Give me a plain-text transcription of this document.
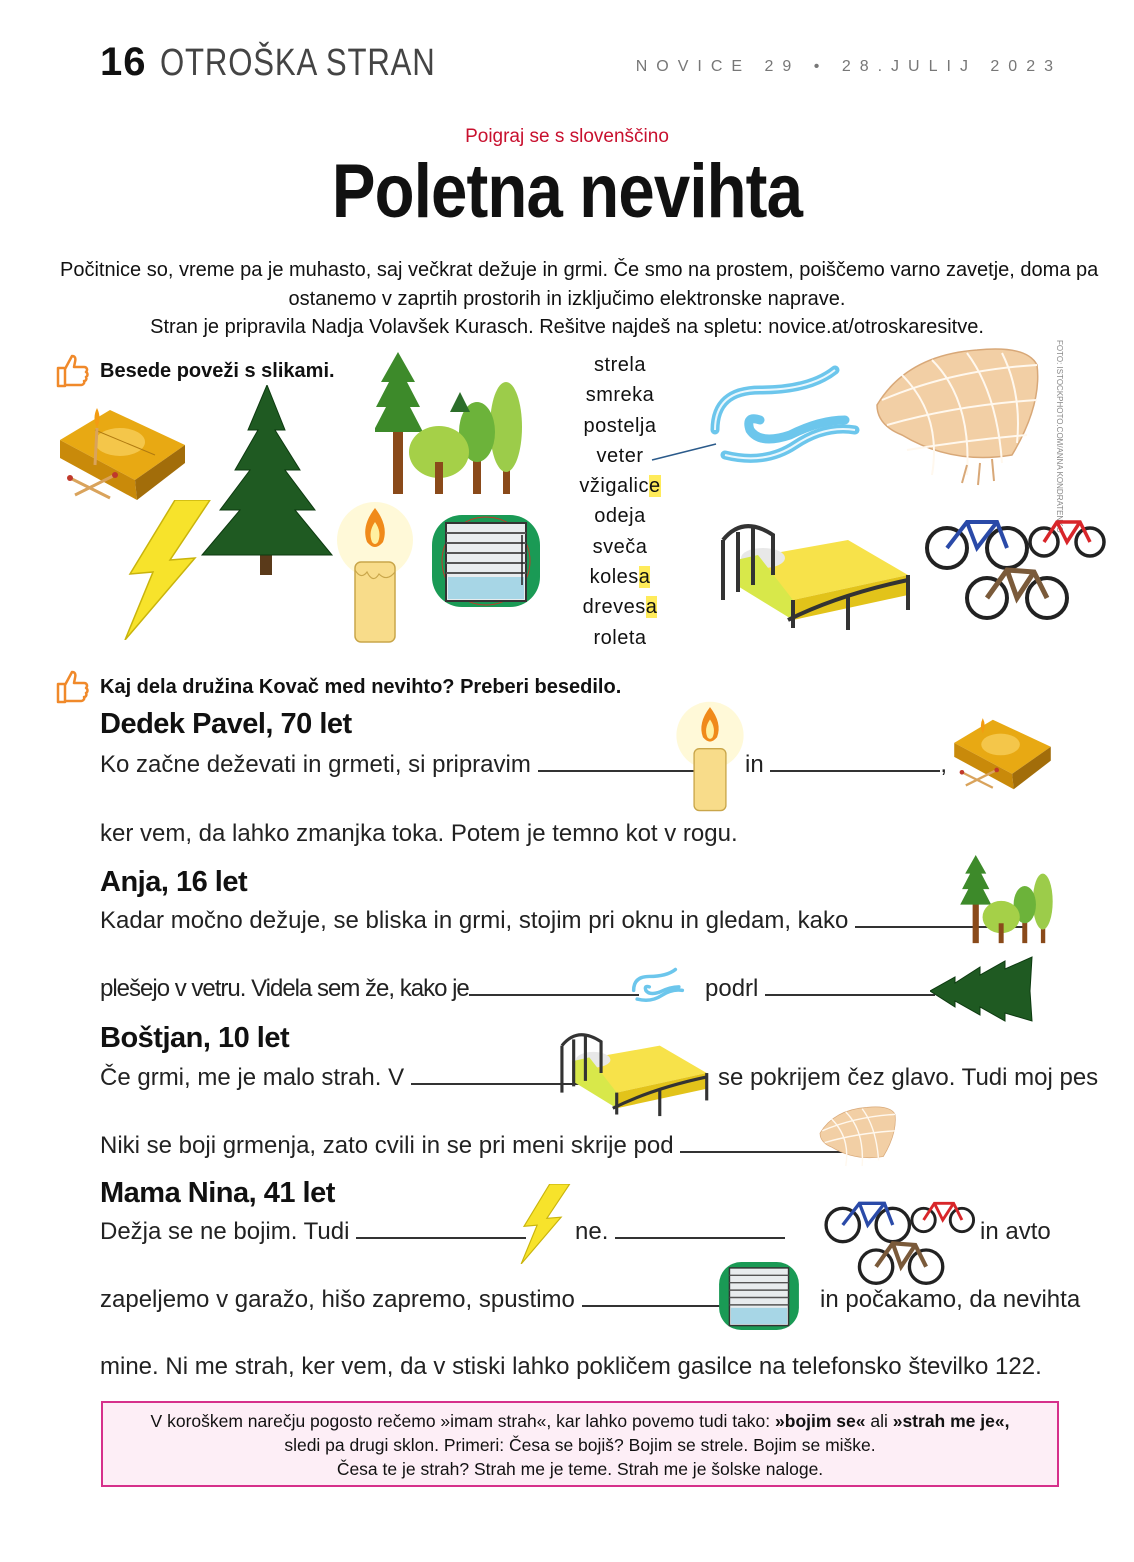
16 OTROŠKA STRAN	NOVICE 29 • 28.JULIJ 2023
Poigraj se s slovenščino
Poletna nevihta
Počitnice so, vreme pa je muhasto, saj večkrat dežuje in grmi. Če smo na prostem, poiščemo varno zavetje, doma pa
ostanemo v zaprtih prostorih in izključimo elektronske naprave.
Stran je pripravila Nadja Volavšek Kurasch. Rešitve najdeš na spletu: novice.at/otroskaresitve.
FOTO: ISTOCKPHOTO.COM/ANNA KONDRATENKO
Besede poveži s slikami.	strela
smreka
postelja
veter
vžigalice
odeja
sveča
kolesa
drevesa
roleta
Kaj dela družina Kovač med nevihto? Preberi besedilo.
Dedek Pavel, 70 let
Ko začne deževati in grmeti, si pripravim	in	,
ker vem, da lahko zmanjka toka. Potem je temno kot v rogu.
Anja, 16 let
Kadar močno dežuje, se bliska in grmi, stojim pri oknu in gledam, kako
plešejo v vetru. Videla sem že, kako je	podrl
Boštjan, 10 let
Če grmi, me je malo strah. V	se pokrijem čez glavo. Tudi moj pes
Niki se boji grmenja, zato cvili in se pri meni skrije pod
Mama Nina, 41 let
Dežja se ne bojim. Tudi	ne.	in avto
zapeljemo v garažo, hišo zapremo, spustimo	in počakamo, da nevihta
mine. Ni me strah, ker vem, da v stiski lahko pokličem gasilce na telefonsko številko 122.
V koroškem narečju pogosto rečemo »imam strah«, kar lahko povemo tudi tako: »bojim se« ali »strah me je«,
sledi pa drugi sklon. Primeri: Česa se bojiš? Bojim se strele. Bojim se miške.
Česa te je strah? Strah me je teme. Strah me je šolske naloge.
